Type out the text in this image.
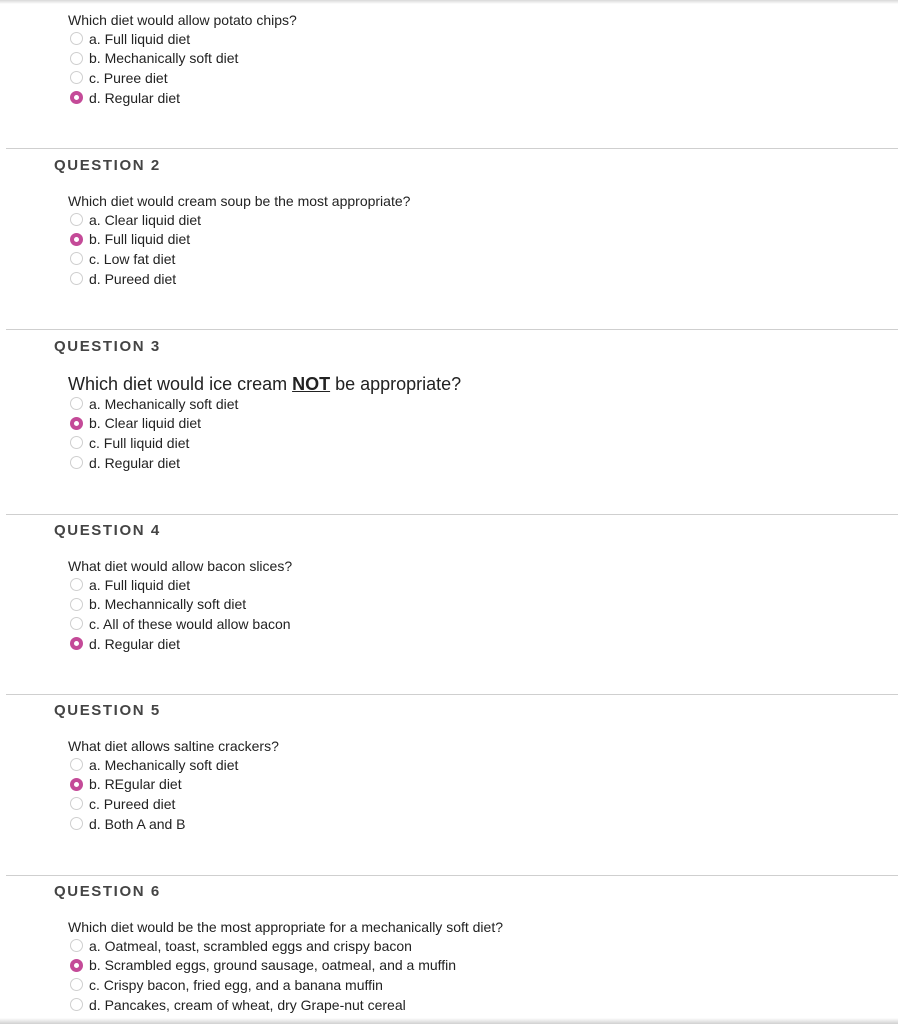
Which diet would allow potato chips?

a. Full liquid diet
b. Mechanically soft diet
c. Puree diet
d. Regular diet
QUESTION 2

Which diet would cream soup be the most appropriate?

a. Clear liquid diet
b. Full liquid diet
c. Low fat diet
d. Pureed diet
QUESTION 3

Which diet would ice cream NOT be appropriate?

a. Mechanically soft diet
b. Clear liquid diet
c. Full liquid diet
d. Regular diet
QUESTION 4

What diet would allow bacon slices?

a. Full liquid diet
b. Mechannically soft diet
c. All of these would allow bacon
d. Regular diet
QUESTION 5

What diet allows saltine crackers?

a. Mechanically soft diet
b. REgular diet
c. Pureed diet
d. Both A and B
QUESTION 6

Which diet would be the most appropriate for a mechanically soft diet?

a. Oatmeal, toast, scrambled eggs and crispy bacon
b. Scrambled eggs, ground sausage, oatmeal, and a muffin
c. Crispy bacon, fried egg, and a banana muffin
d. Pancakes, cream of wheat, dry Grape-nut cereal
